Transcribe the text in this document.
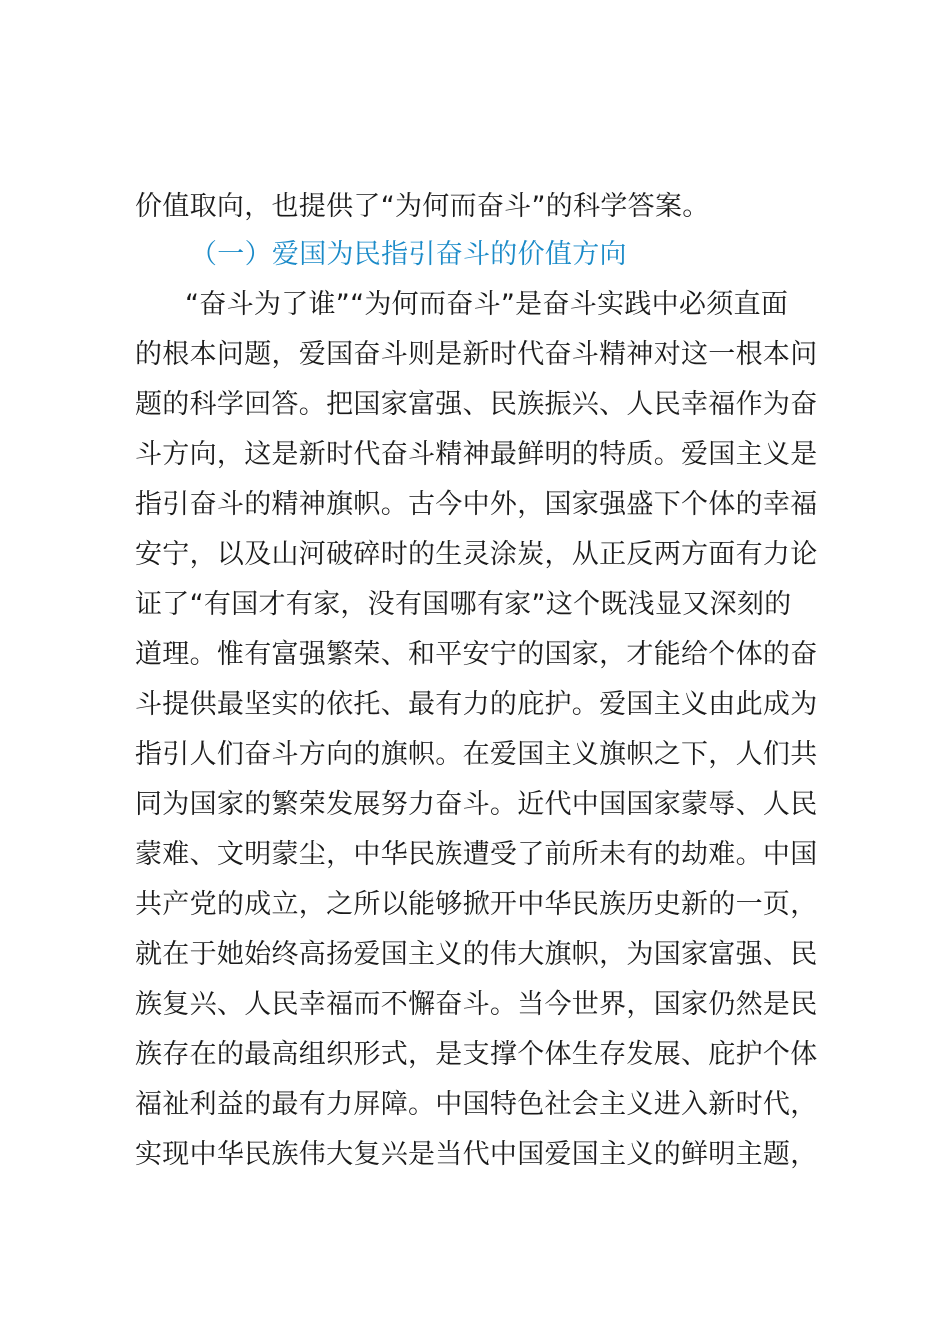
价值取向，也提供了“为何而奋斗”的科学答案。
（一）爱国为民指引奋斗的价值方向
“奋斗为了谁”“为何而奋斗”是奋斗实践中必须直面
的根本问题，爱国奋斗则是新时代奋斗精神对这一根本问
题的科学回答。把国家富强、民族振兴、人民幸福作为奋
斗方向，这是新时代奋斗精神最鲜明的特质。爱国主义是
指引奋斗的精神旗帜。古今中外，国家强盛下个体的幸福
安宁，以及山河破碎时的生灵涂炭，从正反两方面有力论
证了“有国才有家，没有国哪有家”这个既浅显又深刻的
道理。惟有富强繁荣、和平安宁的国家，才能给个体的奋
斗提供最坚实的依托、最有力的庇护。爱国主义由此成为
指引人们奋斗方向的旗帜。在爱国主义旗帜之下，人们共
同为国家的繁荣发展努力奋斗。近代中国国家蒙辱、人民
蒙难、文明蒙尘，中华民族遭受了前所未有的劫难。中国
共产党的成立，之所以能够掀开中华民族历史新的一页，
就在于她始终高扬爱国主义的伟大旗帜，为国家富强、民
族复兴、人民幸福而不懈奋斗。当今世界，国家仍然是民
族存在的最高组织形式，是支撑个体生存发展、庇护个体
福祉利益的最有力屏障。中国特色社会主义进入新时代，
实现中华民族伟大复兴是当代中国爱国主义的鲜明主题，
